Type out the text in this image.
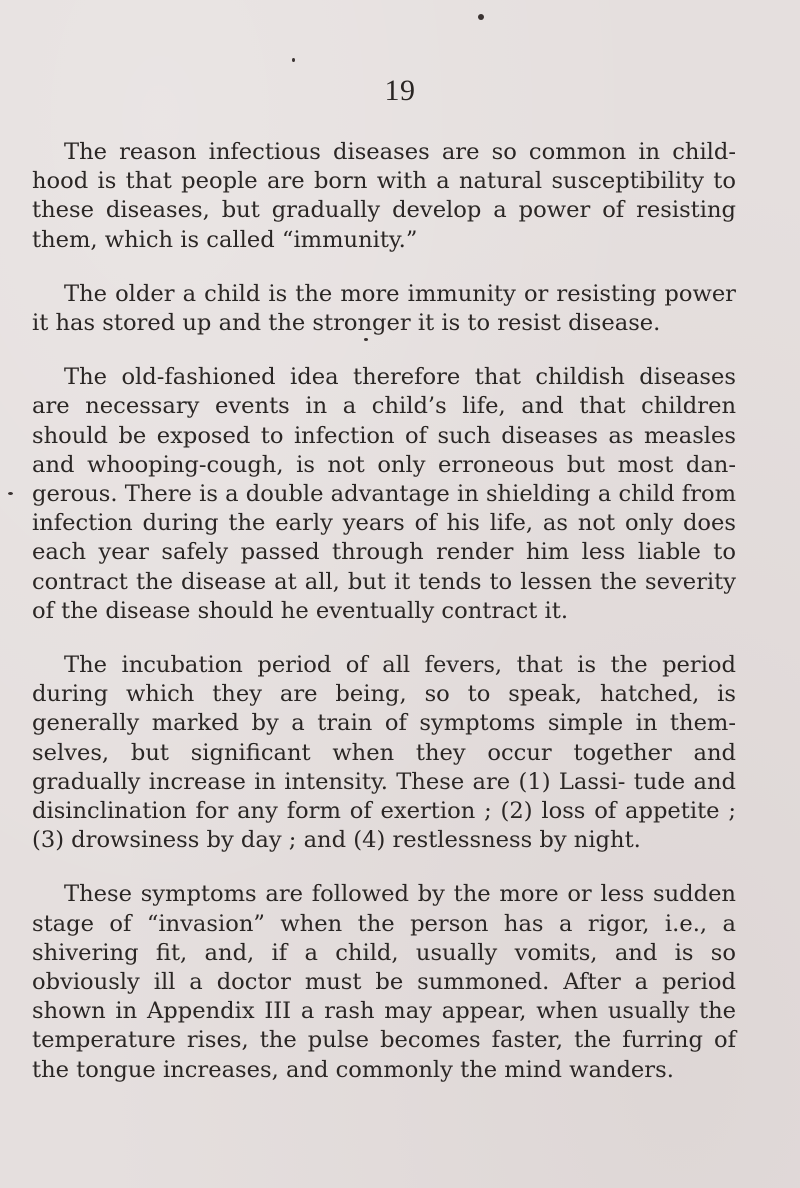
19

The reason infectious diseases are so common in child- hood is that people are born with a natural susceptibility to these diseases, but gradually develop a power of resisting them, which is called “immunity.”

The older a child is the more immunity or resisting power it has stored up and the stronger it is to resist disease.

The old-fashioned idea therefore that childish diseases are necessary events in a child’s life, and that children should be exposed to infection of such diseases as measles and whooping-cough, is not only erroneous but most dan- gerous. There is a double advantage in shielding a child from infection during the early years of his life, as not only does each year safely passed through render him less liable to contract the disease at all, but it tends to lessen the severity of the disease should he eventually contract it.

The incubation period of all fevers, that is the period during which they are being, so to speak, hatched, is generally marked by a train of symptoms simple in them- selves, but significant when they occur together and gradually increase in intensity. These are (1) Lassi- tude and disinclination for any form of exertion ; (2) loss of appetite ; (3) drowsiness by day ; and (4) restlessness by night.

These symptoms are followed by the more or less sudden stage of “invasion” when the person has a rigor, i.e., a shivering fit, and, if a child, usually vomits, and is so obviously ill a doctor must be summoned. After a period shown in Appendix III a rash may appear, when usually the temperature rises, the pulse becomes faster, the furring of the tongue increases, and commonly the mind wanders.
